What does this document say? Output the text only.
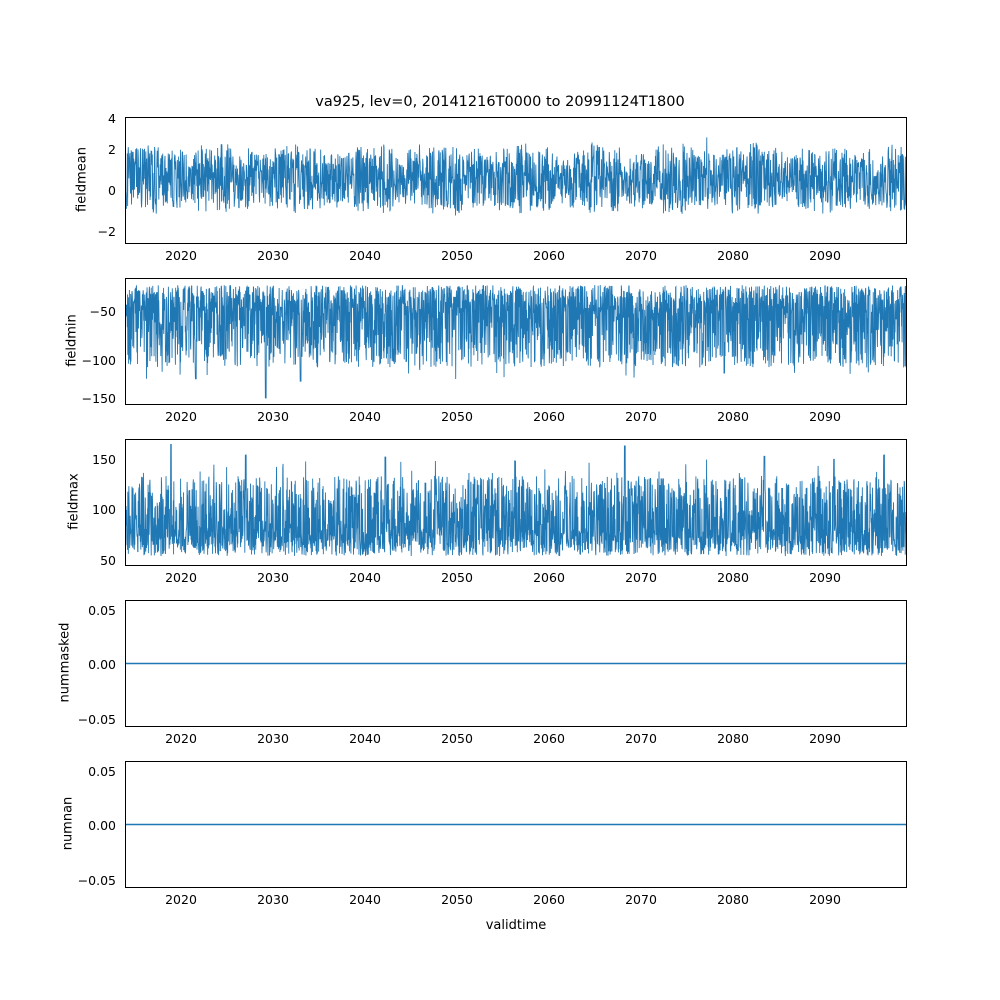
va925, lev=0, 20141216T0000 to 20991124T1800
fieldmean
4
2
0
−2
2020	2030	2040	2050	2060	2070	2080	2090
fieldmin
−50
−100
−150
2020	2030	2040	2050	2060	2070	2080	2090
fieldmax
150
100
50
2020	2030	2040	2050	2060	2070	2080	2090
nummasked
0.05
0.00
−0.05
2020	2030	2040	2050	2060	2070	2080	2090
numnan
0.05
0.00
−0.05
2020	2030	2040	2050	2060	2070	2080	2090
validtime
